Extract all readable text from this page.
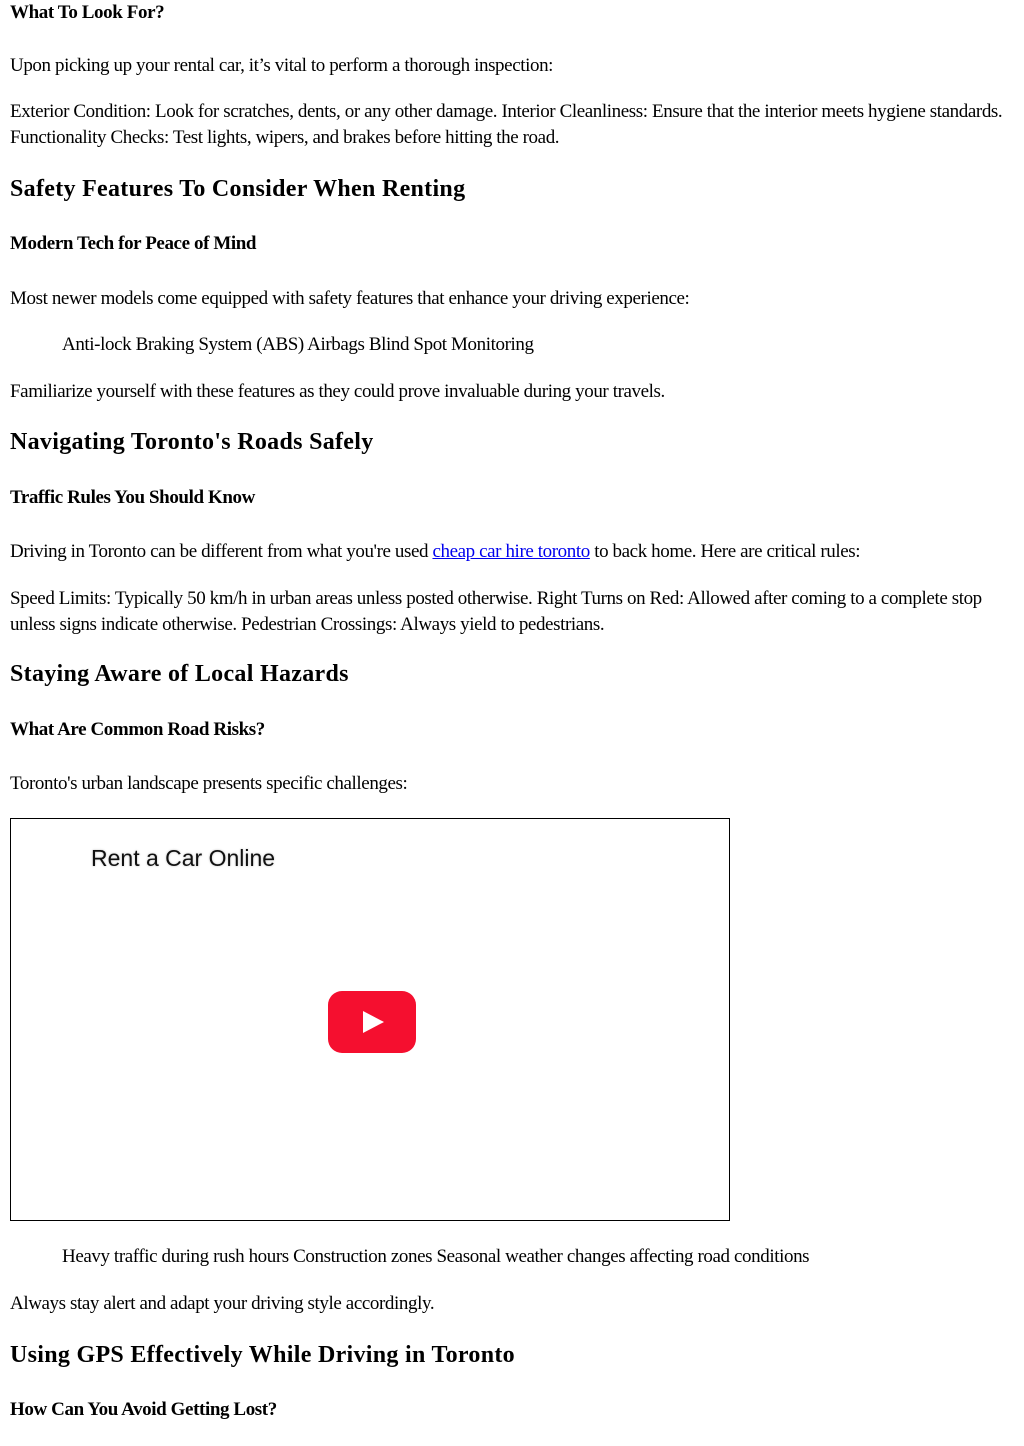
What To Look For?

Upon picking up your rental car, it’s vital to perform a thorough inspection:

Exterior Condition: Look for scratches, dents, or any other damage. Interior Cleanliness: Ensure that the interior meets hygiene standards. Functionality Checks: Test lights, wipers, and brakes before hitting the road.

Safety Features To Consider When Renting
Modern Tech for Peace of Mind

Most newer models come equipped with safety features that enhance your driving experience:

Anti-lock Braking System (ABS) Airbags Blind Spot Monitoring

Familiarize yourself with these features as they could prove invaluable during your travels.

Navigating Toronto's Roads Safely
Traffic Rules You Should Know

Driving in Toronto can be different from what you're used cheap car hire toronto to back home. Here are critical rules:

Speed Limits: Typically 50 km/h in urban areas unless posted otherwise. Right Turns on Red: Allowed after coming to a complete stop unless signs indicate otherwise. Pedestrian Crossings: Always yield to pedestrians.

Staying Aware of Local Hazards
What Are Common Road Risks?

Toronto's urban landscape presents specific challenges:

Rent a Car Online

Heavy traffic during rush hours Construction zones Seasonal weather changes affecting road conditions

Always stay alert and adapt your driving style accordingly.

Using GPS Effectively While Driving in Toronto
How Can You Avoid Getting Lost?
